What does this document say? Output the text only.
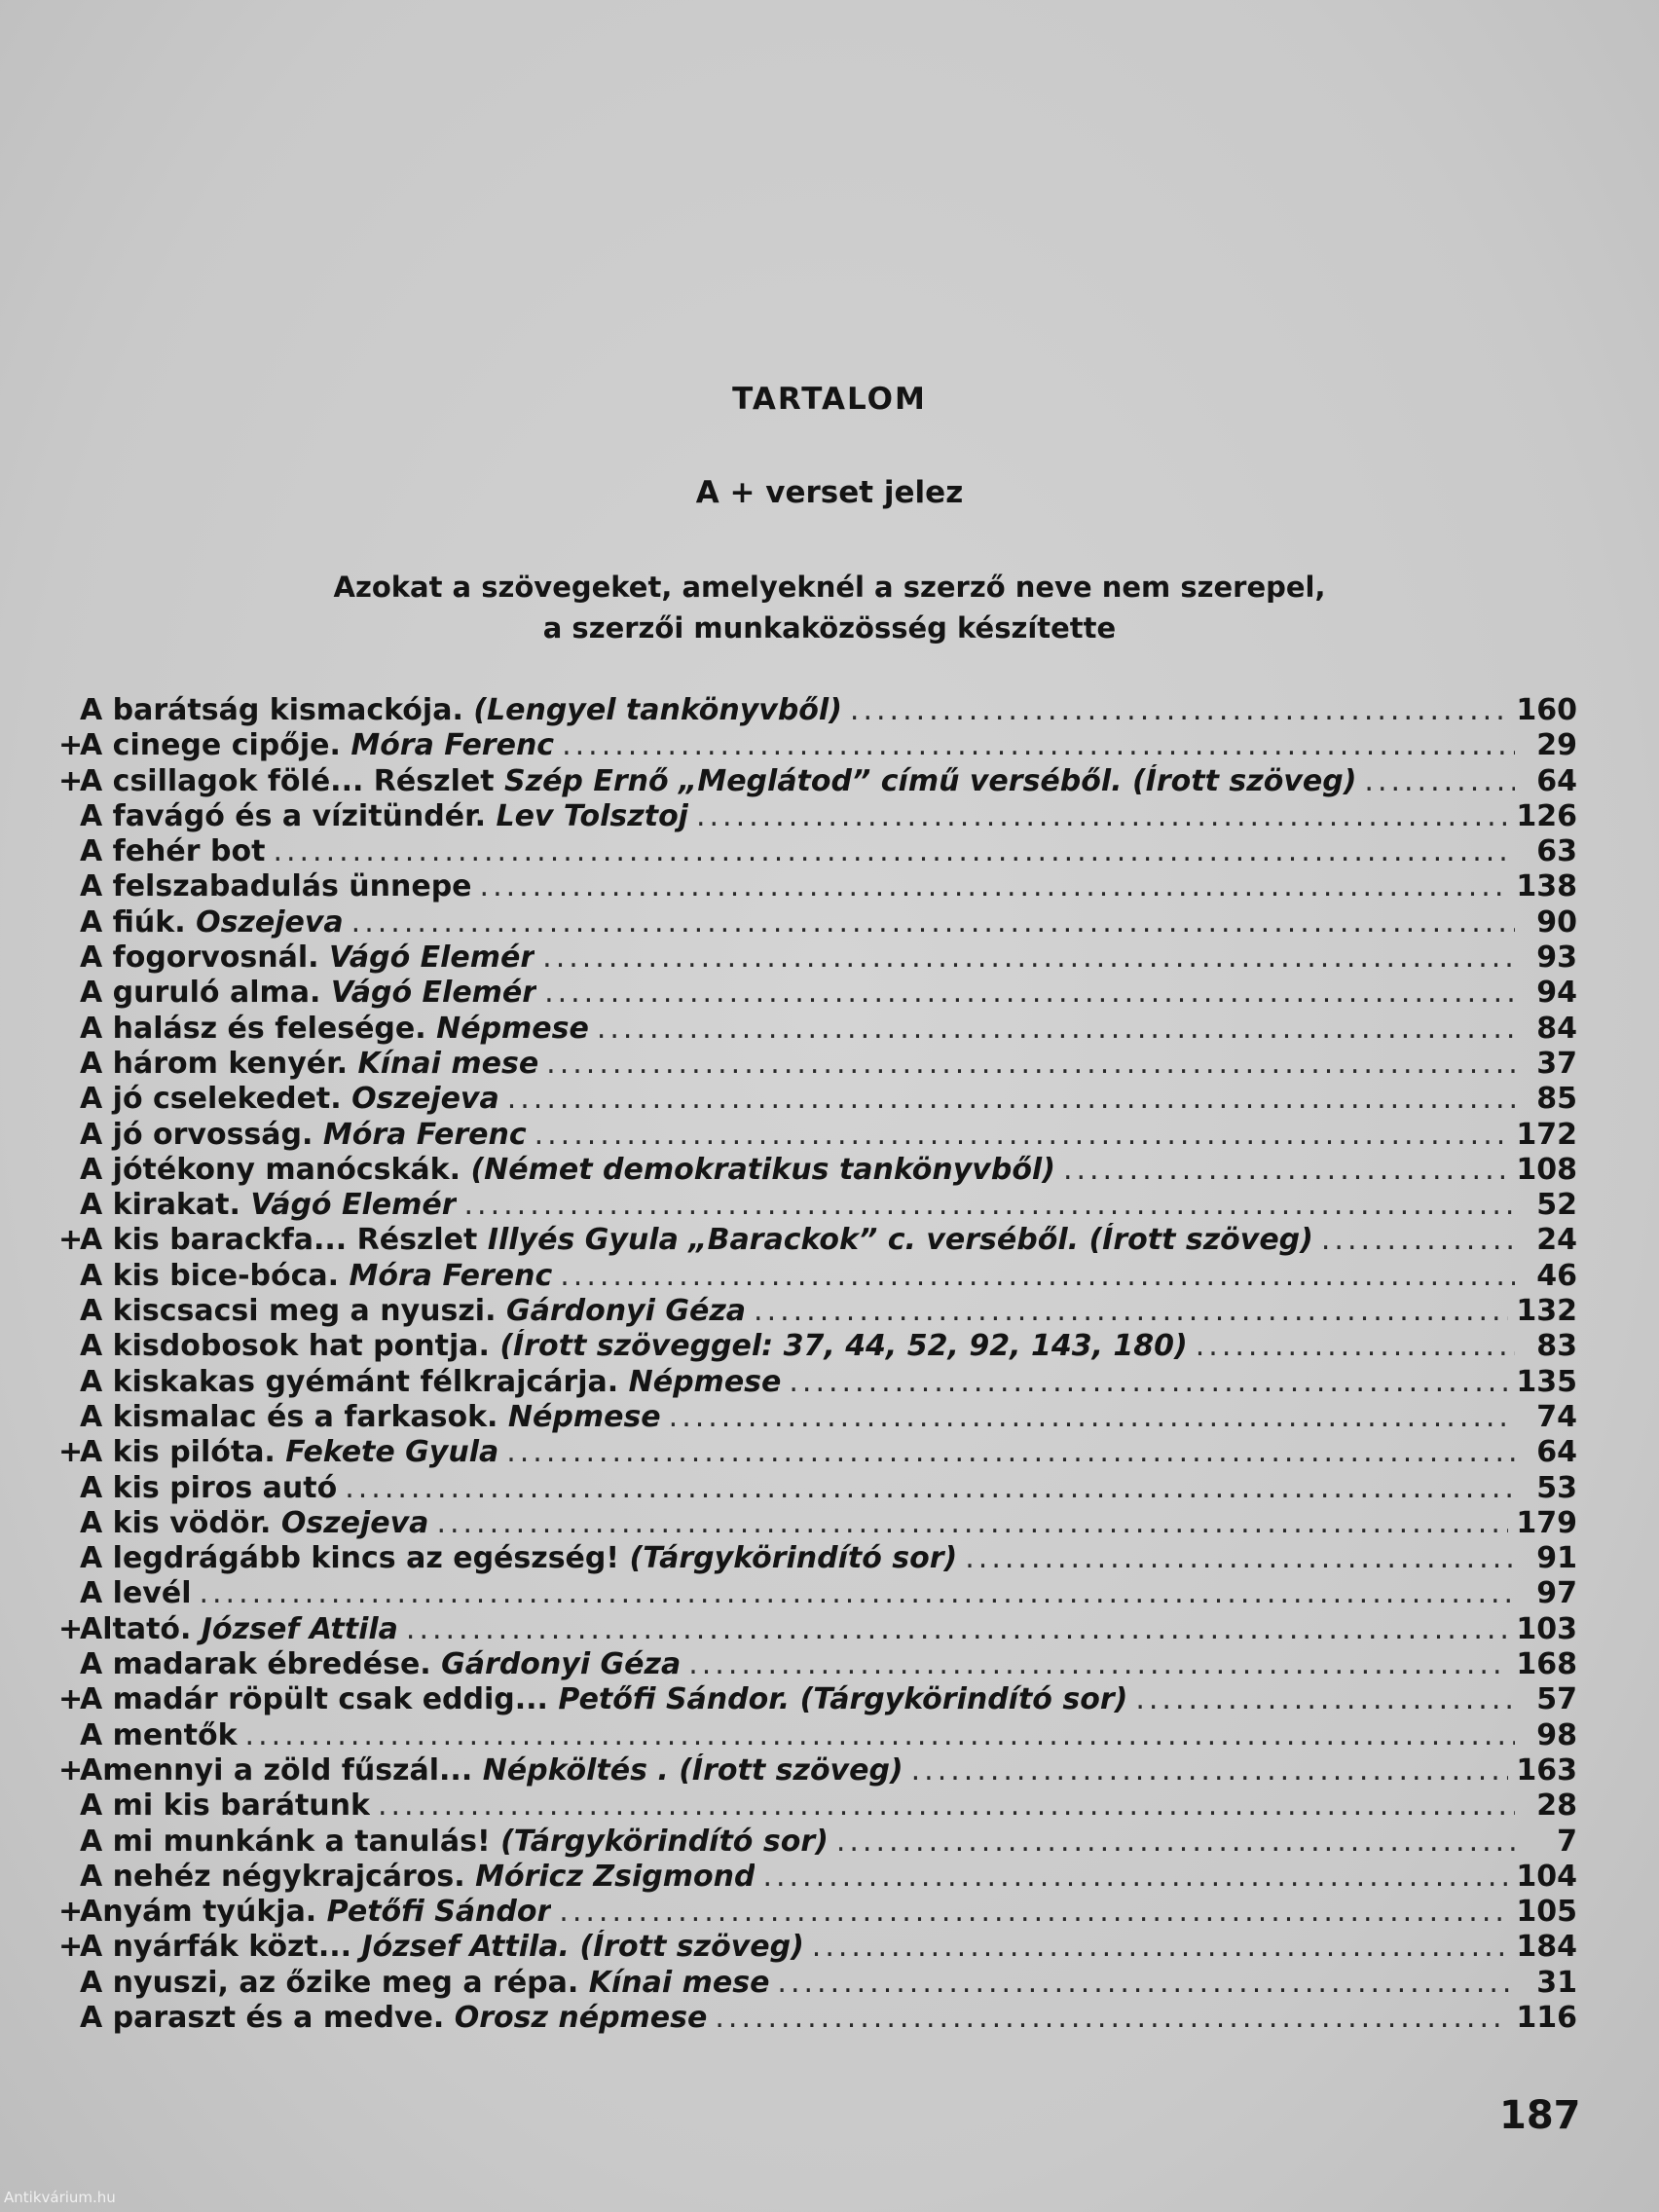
TARTALOM
A + verset jelez
Azokat a szövegeket, amelyeknél a szerző neve nem szerepel,
a szerzői munkaközösség készítette
A barátság kismackója. (Lengyel tankönyvből) .....	160
+A cinege cipője. Móra Ferenc .....	29
+A csillagok fölé... Részlet Szép Ernő „Meglátod” című verséből. (Írott szöveg) .....	64
A favágó és a vízitündér. Lev Tolsztoj .....	126
A fehér bot .....	63
A felszabadulás ünnepe .....	138
A fiúk. Oszejeva .....	90
A fogorvosnál. Vágó Elemér .....	93
A guruló alma. Vágó Elemér .....	94
A halász és felesége. Népmese .....	84
A három kenyér. Kínai mese .....	37
A jó cselekedet. Oszejeva .....	85
A jó orvosság. Móra Ferenc .....	172
A jótékony manócskák. (Német demokratikus tankönyvből) .....	108
A kirakat. Vágó Elemér .....	52
+A kis barackfa... Részlet Illyés Gyula „Barackok” c. verséből. (Írott szöveg) .....	24
A kis bice-bóca. Móra Ferenc .....	46
A kiscsacsi meg a nyuszi. Gárdonyi Géza .....	132
A kisdobosok hat pontja. (Írott szöveggel: 37, 44, 52, 92, 143, 180) .....	83
A kiskakas gyémánt félkrajcárja. Népmese .....	135
A kismalac és a farkasok. Népmese .....	74
+A kis pilóta. Fekete Gyula .....	64
A kis piros autó .....	53
A kis vödör. Oszejeva .....	179
A legdrágább kincs az egészség! (Tárgykörindító sor) .....	91
A levél .....	97
+Altató. József Attila .....	103
A madarak ébredése. Gárdonyi Géza .....	168
+A madár röpült csak eddig... Petőfi Sándor. (Tárgykörindító sor) .....	57
A mentők .....	98
+Amennyi a zöld fűszál... Népköltés . (Írott szöveg) .....	163
A mi kis barátunk .....	28
A mi munkánk a tanulás! (Tárgykörindító sor) .....	7
A nehéz négykrajcáros. Móricz Zsigmond .....	104
+Anyám tyúkja. Petőfi Sándor .....	105
+A nyárfák közt... József Attila. (Írott szöveg) .....	184
A nyuszi, az őzike meg a répa. Kínai mese .....	31
A paraszt és a medve. Orosz népmese .....	116
187
Antikvárium.hu
